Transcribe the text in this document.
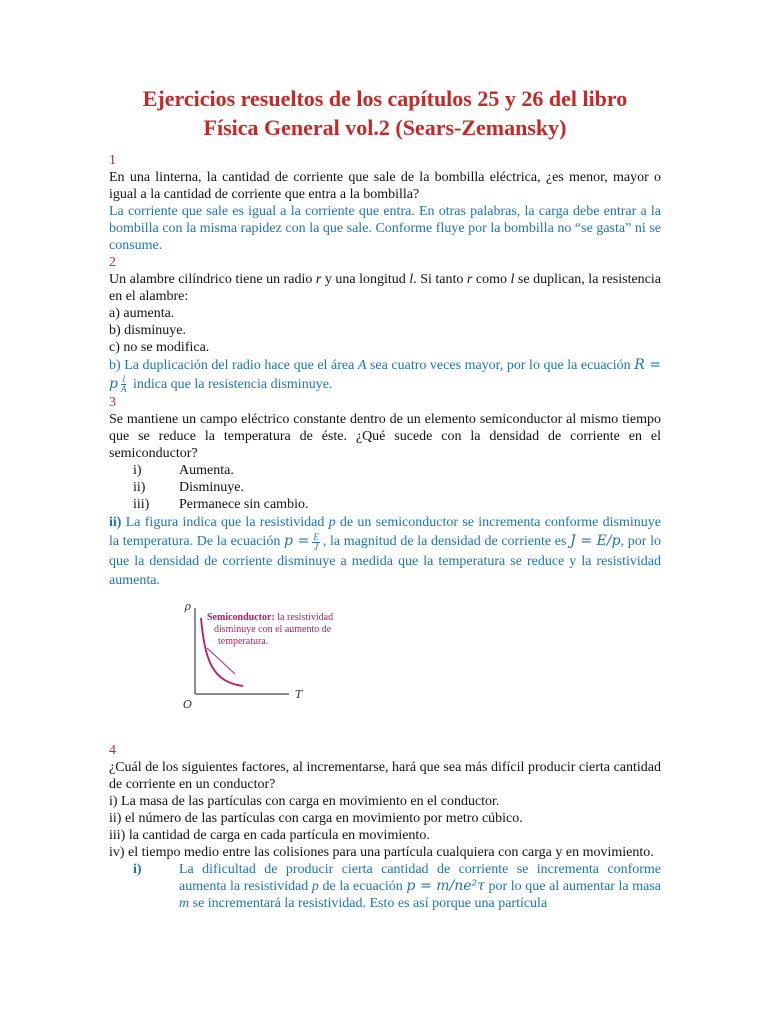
Ejercicios resueltos de los capítulos 25 y 26 del libro
Física General vol.2 (Sears-Zemansky)
1

En una linterna, la cantidad de corriente que sale de la bombilla eléctrica, ¿es menor, mayor o igual a la cantidad de corriente que entra a la bombilla?

La corriente que sale es igual a la corriente que entra. En otras palabras, la carga debe entrar a la bombilla con la misma rapidez con la que sale. Conforme fluye por la bombilla no “se gasta” ni se consume.

2

Un alambre cilíndrico tiene un radio r y una longitud l. Si tanto r como l se duplican, la resistencia en el alambre:

a) aumenta.
b) disminuye.
c) no se modifica.

b) La duplicación del radio hace que el área A sea cuatro veces mayor, por lo que la ecuación R = p $\frac{l}{A}$ indica que la resistencia disminuye.

3

Se mantiene un campo eléctrico constante dentro de un elemento semiconductor al mismo tiempo que se reduce la temperatura de éste. ¿Qué sucede con la densidad de corriente en el semiconductor?

i)	Aumenta.
ii)	Disminuye.
iii)	Permanece sin cambio.

ii) La figura indica que la resistividad p de un semiconductor se incrementa conforme disminuye la temperatura. De la ecuación $p = \frac{E}{J}$ , la magnitud de la densidad de corriente es J = E/p, por lo que la densidad de corriente disminuye a medida que la temperatura se reduce y la resistividad aumenta.

ρ
T
O
Semiconductor: la resistividad
disminuye con el aumento de
temperatura.
4

¿Cuál de los siguientes factores, al incrementarse, hará que sea más difícil producir cierta cantidad de corriente en un conductor?

i) La masa de las partículas con carga en movimiento en el conductor.
ii) el número de las partículas con carga en movimiento por metro cúbico.
iii) la cantidad de carga en cada partícula en movimiento.
iv) el tiempo medio entre las colisiones para una partícula cualquiera con carga y en movimiento.
i)	La dificultad de producir cierta cantidad de corriente se incrementa conforme aumenta la resistividad p de la ecuación p = m/ne²τ por lo que al aumentar la masa m se incrementará la resistividad. Esto es así porque una partícula
